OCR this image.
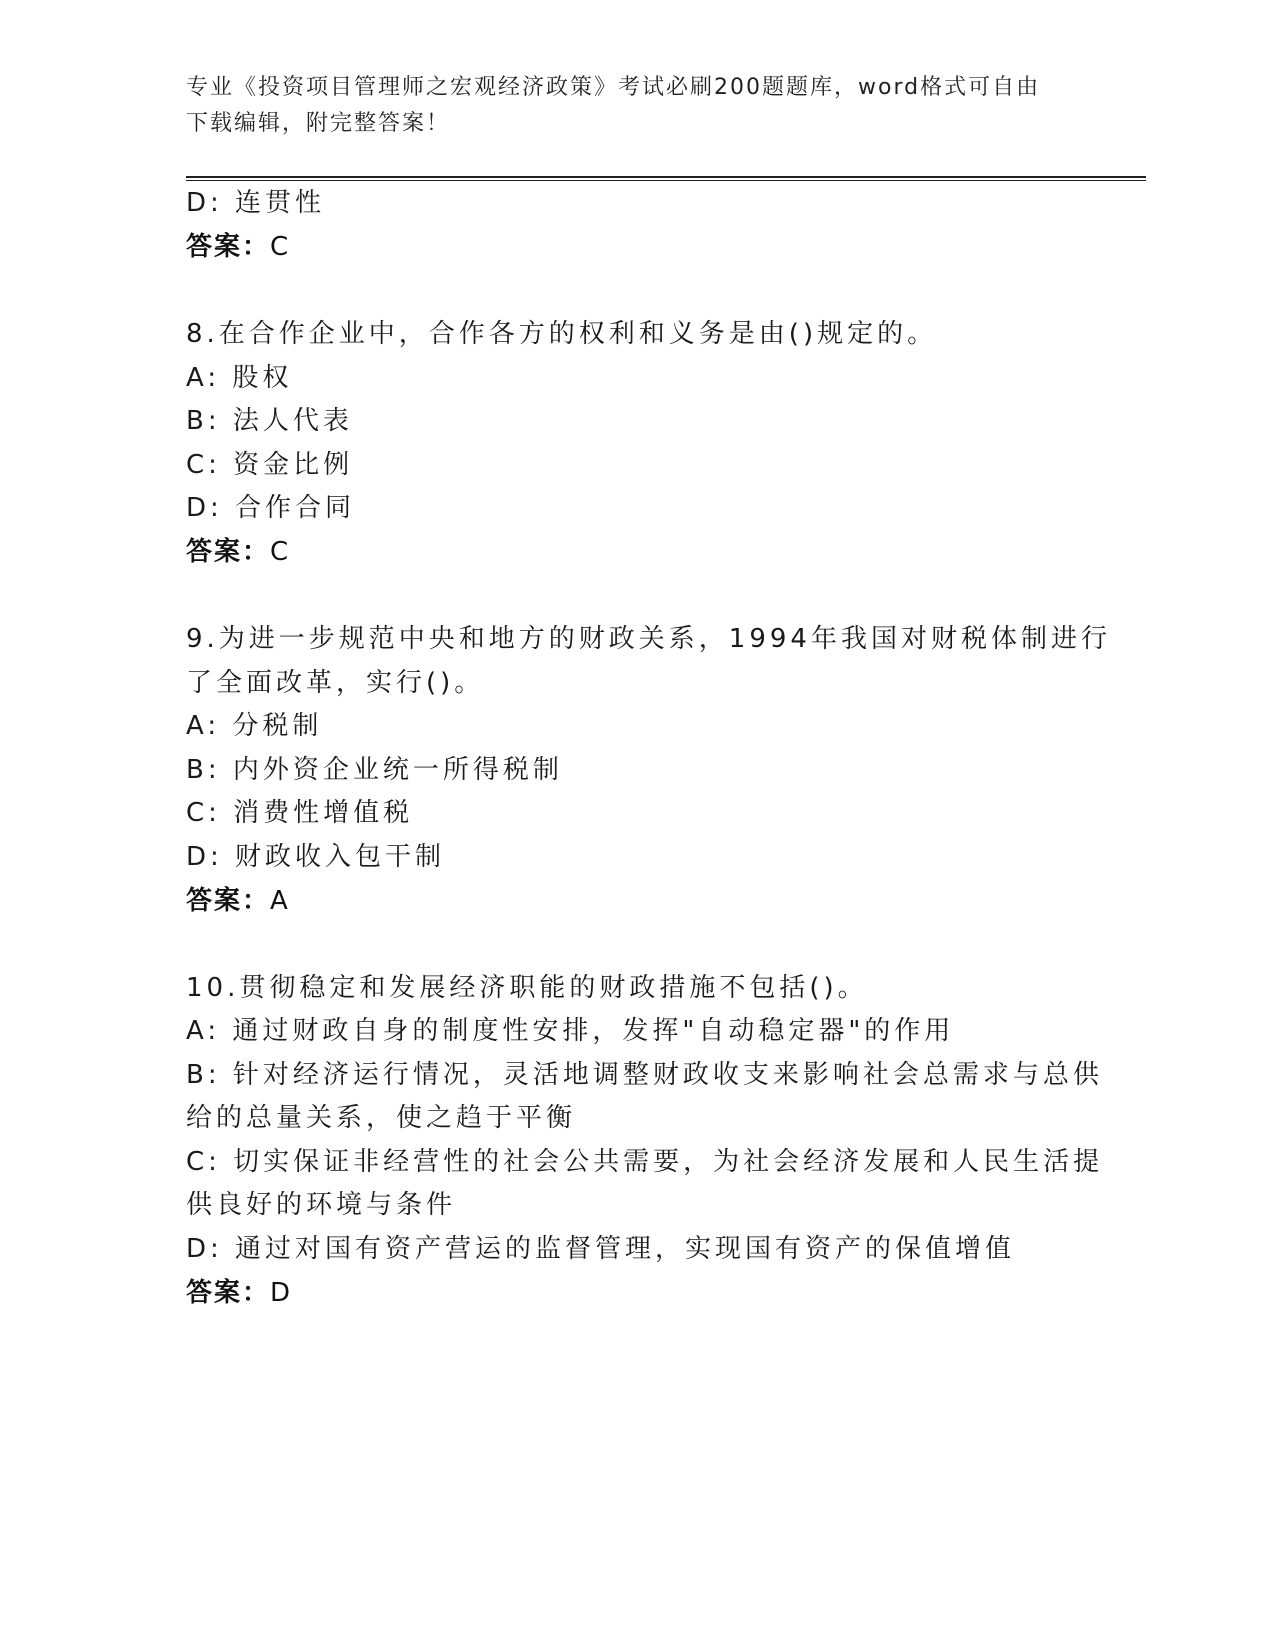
专业《投资项目管理师之宏观经济政策》考试必刷200题题库，word格式可自由
下载编辑，附完整答案！
D: 连贯性
答案：C
8.在合作企业中，合作各方的权利和义务是由()规定的。
A: 股权
B: 法人代表
C: 资金比例
D: 合作合同
答案：C
9.为进一步规范中央和地方的财政关系，1994年我国对财税体制进行
了全面改革，实行()。
A: 分税制
B: 内外资企业统一所得税制
C: 消费性增值税
D: 财政收入包干制
答案：A
10.贯彻稳定和发展经济职能的财政措施不包括()。
A: 通过财政自身的制度性安排，发挥"自动稳定器"的作用
B: 针对经济运行情况，灵活地调整财政收支来影响社会总需求与总供
给的总量关系，使之趋于平衡
C: 切实保证非经营性的社会公共需要，为社会经济发展和人民生活提
供良好的环境与条件
D: 通过对国有资产营运的监督管理，实现国有资产的保值增值
答案：D
